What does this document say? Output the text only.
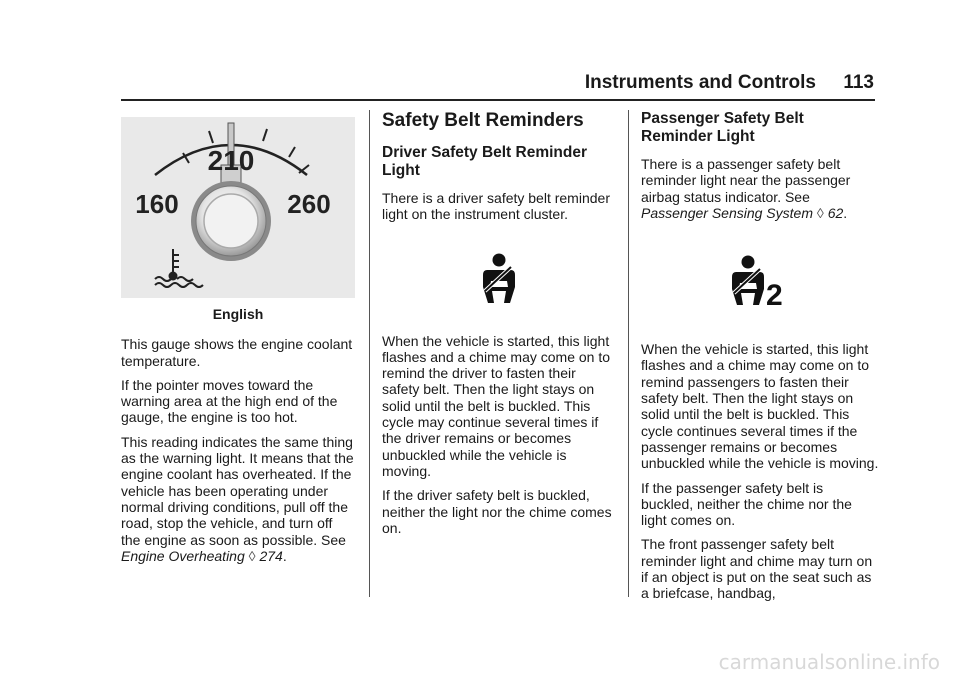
Instruments and Controls 113
210
160	260
English

This gauge shows the engine coolant temperature.

If the pointer moves toward the warning area at the high end of the gauge, the engine is too hot.

This reading indicates the same thing as the warning light. It means that the engine coolant has overheated. If the vehicle has been operating under normal driving conditions, pull off the road, stop the vehicle, and turn off the engine as soon as possible. See Engine Overheating ◊ 274.

Safety Belt Reminders
Driver Safety Belt Reminder Light

There is a driver safety belt reminder light on the instrument cluster.

When the vehicle is started, this light flashes and a chime may come on to remind the driver to fasten their safety belt. Then the light stays on solid until the belt is buckled. This cycle may continue several times if the driver remains or becomes unbuckled while the vehicle is moving.

If the driver safety belt is buckled, neither the light nor the chime comes on.

Passenger Safety Belt Reminder Light

There is a passenger safety belt reminder light near the passenger airbag status indicator. See Passenger Sensing System ◊ 62.

2

When the vehicle is started, this light flashes and a chime may come on to remind passengers to fasten their safety belt. Then the light stays on solid until the belt is buckled. This cycle continues several times if the passenger remains or becomes unbuckled while the vehicle is moving.

If the passenger safety belt is buckled, neither the chime nor the light comes on.

The front passenger safety belt reminder light and chime may turn on if an object is put on the seat such as a briefcase, handbag,

carmanualsonline.info
